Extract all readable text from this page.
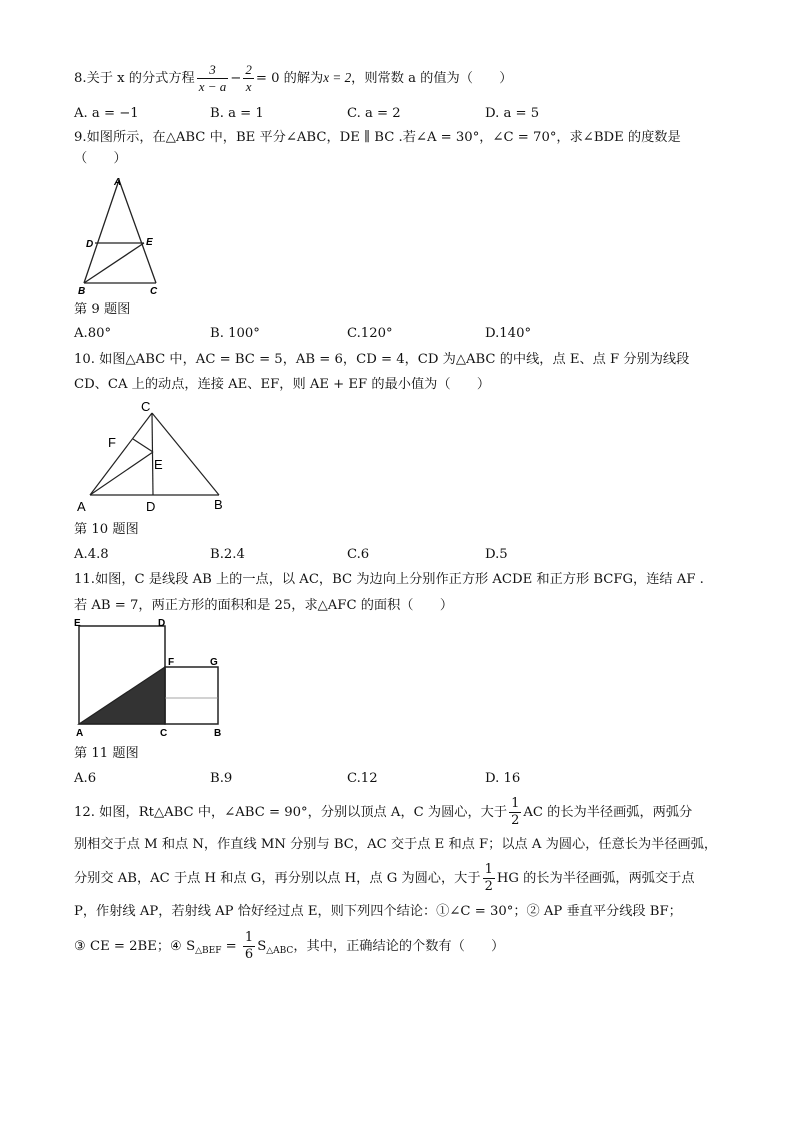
8.关于 x 的分式方程 $\frac{3}{x - a} - \frac{2}{x} = 0$ 的解为x = 2，则常数 a 的值为（　　）
A. a = −1	B. a = 1	C. a = 2	D. a = 5
9.如图所示，在△ABC 中，BE 平分∠ABC，DE ∥ BC .若∠A = 30°，∠C = 70°，求∠BDE 的度数是
（　　）
A
D	E
B	C
第 9 题图
A.80°	B. 100°	C.120°	D.140°
10. 如图△ABC 中，AC = BC = 5，AB = 6，CD = 4，CD 为△ABC 的中线，点 E、点 F 分别为线段
CD、CA 上的动点，连接 AE、EF，则 AE + EF 的最小值为（　　）
C
F
E
A	D	B
第 10 题图
A.4.8	B.2.4	C.6	D.5
11.如图，C 是线段 AB 上的一点，以 AC，BC 为边向上分别作正方形 ACDE 和正方形 BCFG，连结 AF .
若 AB = 7，两正方形的面积和是 25，求△AFC 的面积（　　）
E	D
F	G
A	C	B
第 11 题图
A.6	B.9	C.12	D. 16
12. 如图，Rt△ABC 中，∠ABC = 90°，分别以顶点 A，C 为圆心，大于 $\frac{1}{2}$ AC 的长为半径画弧，两弧分
别相交于点 M 和点 N，作直线 MN 分别与 BC，AC 交于点 E 和点 F；以点 A 为圆心，任意长为半径画弧，
分别交 AB，AC 于点 H 和点 G，再分别以点 H，点 G 为圆心，大于 $\frac{1}{2}$ HG 的长为半径画弧，两弧交于点
P，作射线 AP，若射线 AP 恰好经过点 E，则下列四个结论：①∠C = 30°；② AP 垂直平分线段 BF；
③ CE = 2BE；④ $S_{\triangle BEF} = \frac{1}{6} S_{\triangle ABC}$，其中，正确结论的个数有（　　）
